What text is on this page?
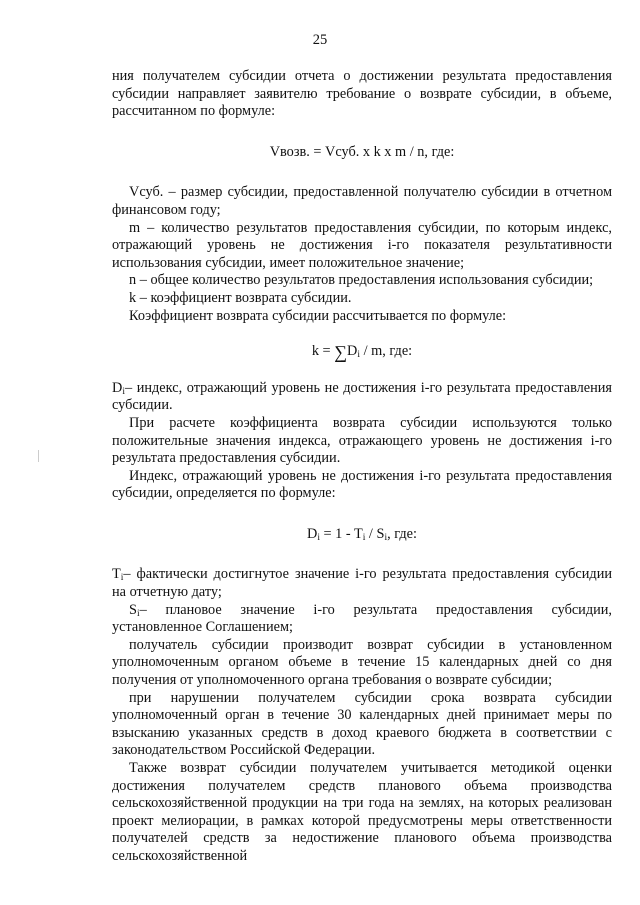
25

ния получателем субсидии отчета о достижении результата предоставления субсидии направляет заявителю требование о возврате субсидии, в объеме, рассчитанном по формуле:

Vвозв. = Vсуб. x k x m / n, где:

Vсуб. – размер субсидии, предоставленной получателю субсидии в отчетном финансовом году;

m – количество результатов предоставления субсидии, по которым индекс, отражающий уровень не достижения i-го показателя результативности использования субсидии, имеет положительное значение;

n – общее количество результатов предоставления использования субсидии;

k – коэффициент возврата субсидии.

Коэффициент возврата субсидии рассчитывается по формуле:

$k = \sum D_i / m$, где:

$D_i-$ индекс, отражающий уровень не достижения i-го результата предоставления субсидии.

При расчете коэффициента возврата субсидии используются только положительные значения индекса, отражающего уровень не достижения i-го результата предоставления субсидии.

Индекс, отражающий уровень не достижения i-го результата предоставления субсидии, определяется по формуле:

$D_i = 1 - T_i / S_i$, где:

$T_i-$ фактически достигнутое значение i-го результата предоставления субсидии на отчетную дату;

$S_i-$ плановое значение i-го результата предоставления субсидии, установленное Соглашением;

получатель субсидии производит возврат субсидии в установленном уполномоченным органом объеме в течение 15 календарных дней со дня получения от уполномоченного органа требования о возврате субсидии;

при нарушении получателем субсидии срока возврата субсидии уполномоченный орган в течение 30 календарных дней принимает меры по взысканию указанных средств в доход краевого бюджета в соответствии с законодательством Российской Федерации.

Также возврат субсидии получателем учитывается методикой оценки достижения получателем средств планового объема производства сельскохозяйственной продукции на три года на землях, на которых реализован проект мелиорации, в рамках которой предусмотрены меры ответственности получателей средств за недостижение планового объема производства сельскохозяйственной
